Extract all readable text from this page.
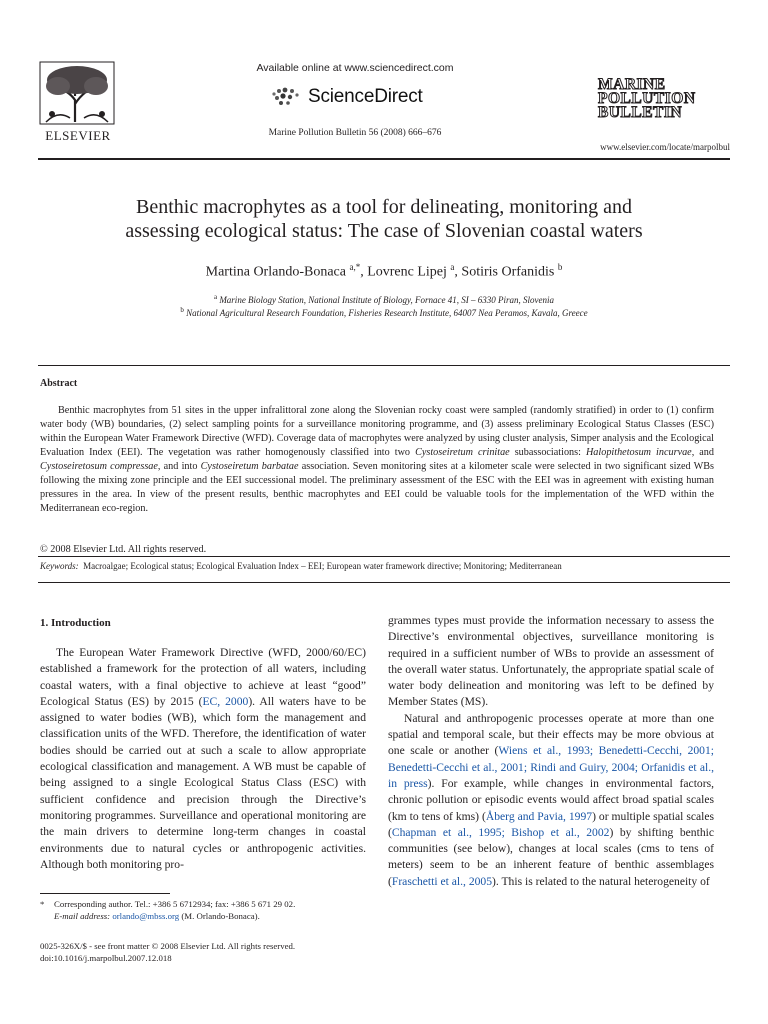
ELSEVIER
Available online at www.sciencedirect.com
ScienceDirect
Marine Pollution Bulletin 56 (2008) 666–676
MARINE
POLLUTION
BULLETIN
www.elsevier.com/locate/marpolbul
Benthic macrophytes as a tool for delineating, monitoring and
assessing ecological status: The case of Slovenian coastal waters
Martina Orlando-Bonaca $^{a,*}$, Lovrenc Lipej $^a$, Sotiris Orfanidis $^b$
$^a$ Marine Biology Station, National Institute of Biology, Fornace 41, SI – 6330 Piran, Slovenia
$^b$ National Agricultural Research Foundation, Fisheries Research Institute, 64007 Nea Peramos, Kavala, Greece
Abstract

Benthic macrophytes from 51 sites in the upper infralittoral zone along the Slovenian rocky coast were sampled (randomly stratified) in order to (1) confirm water body (WB) boundaries, (2) select sampling points for a surveillance monitoring programme, and (3) assess preliminary Ecological Status Classes (ESC) within the European Water Framework Directive (WFD). Coverage data of macrophytes were analyzed by using cluster analysis, Simper analysis and the Ecological Evaluation Index (EEI). The vegetation was rather homogenously classified into two Cystoseiretum crinitae subassociations: Halopithetosum incurvae, and Cystoseiretosum compressae, and into Cystoseiretum barbatae association. Seven monitoring sites at a kilometer scale were selected in two significant sized WBs following the mixing zone principle and the EEI successional model. The preliminary assessment of the ESC with the EEI was in agreement with existing human pressures in the area. In view of the present results, benthic macrophytes and EEI could be valuable tools for the implementation of the WFD within the Mediterranean eco-region.

© 2008 Elsevier Ltd. All rights reserved.
Keywords: Macroalgae; Ecological status; Ecological Evaluation Index – EEI; European water framework directive; Monitoring; Mediterranean
1. Introduction

The European Water Framework Directive (WFD, 2000/60/EC) established a framework for the protection of all waters, including coastal waters, with a final objective to achieve at least “good” Ecological Status (ES) by 2015 (EC, 2000). All waters have to be assigned to water bodies (WB), which form the management and classification units of the WFD. Therefore, the identification of water bodies should be carried out at such a scale to allow appropriate ecological classification and management. A WB must be capable of being assigned to a single Ecological Status Class (ESC) with sufficient confidence and precision through the Directive’s monitoring programmes. Surveillance and operational monitoring are the main drivers to determine long-term changes in coastal environments due to natural cycles or anthropogenic activities. Although both monitoring pro-

grammes types must provide the information necessary to assess the Directive’s environmental objectives, surveillance monitoring is required in a sufficient number of WBs to provide an assessment of the overall water status. Unfortunately, the appropriate spatial scale of water body delineation and monitoring was left to be defined by Member States (MS).

Natural and anthropogenic processes operate at more than one spatial and temporal scale, but their effects may be more obvious at one scale or another (Wiens et al., 1993; Benedetti-Cecchi, 2001; Benedetti-Cecchi et al., 2001; Rindi and Guiry, 2004; Orfanidis et al., in press). For example, while changes in environmental factors, chronic pollution or episodic events would affect broad spatial scales (km to tens of kms) (Åberg and Pavia, 1997) or multiple spatial scales (Chapman et al., 1995; Bishop et al., 2002) by shifting benthic communities (see below), changes at local scales (cms to tens of meters) seem to be an inherent feature of benthic assemblages (Fraschetti et al., 2005). This is related to the natural heterogeneity of

* Corresponding author. Tel.: +386 5 6712934; fax: +386 5 671 29 02.
E-mail address: orlando@mbss.org (M. Orlando-Bonaca).
0025-326X/$ - see front matter © 2008 Elsevier Ltd. All rights reserved.
doi:10.1016/j.marpolbul.2007.12.018
